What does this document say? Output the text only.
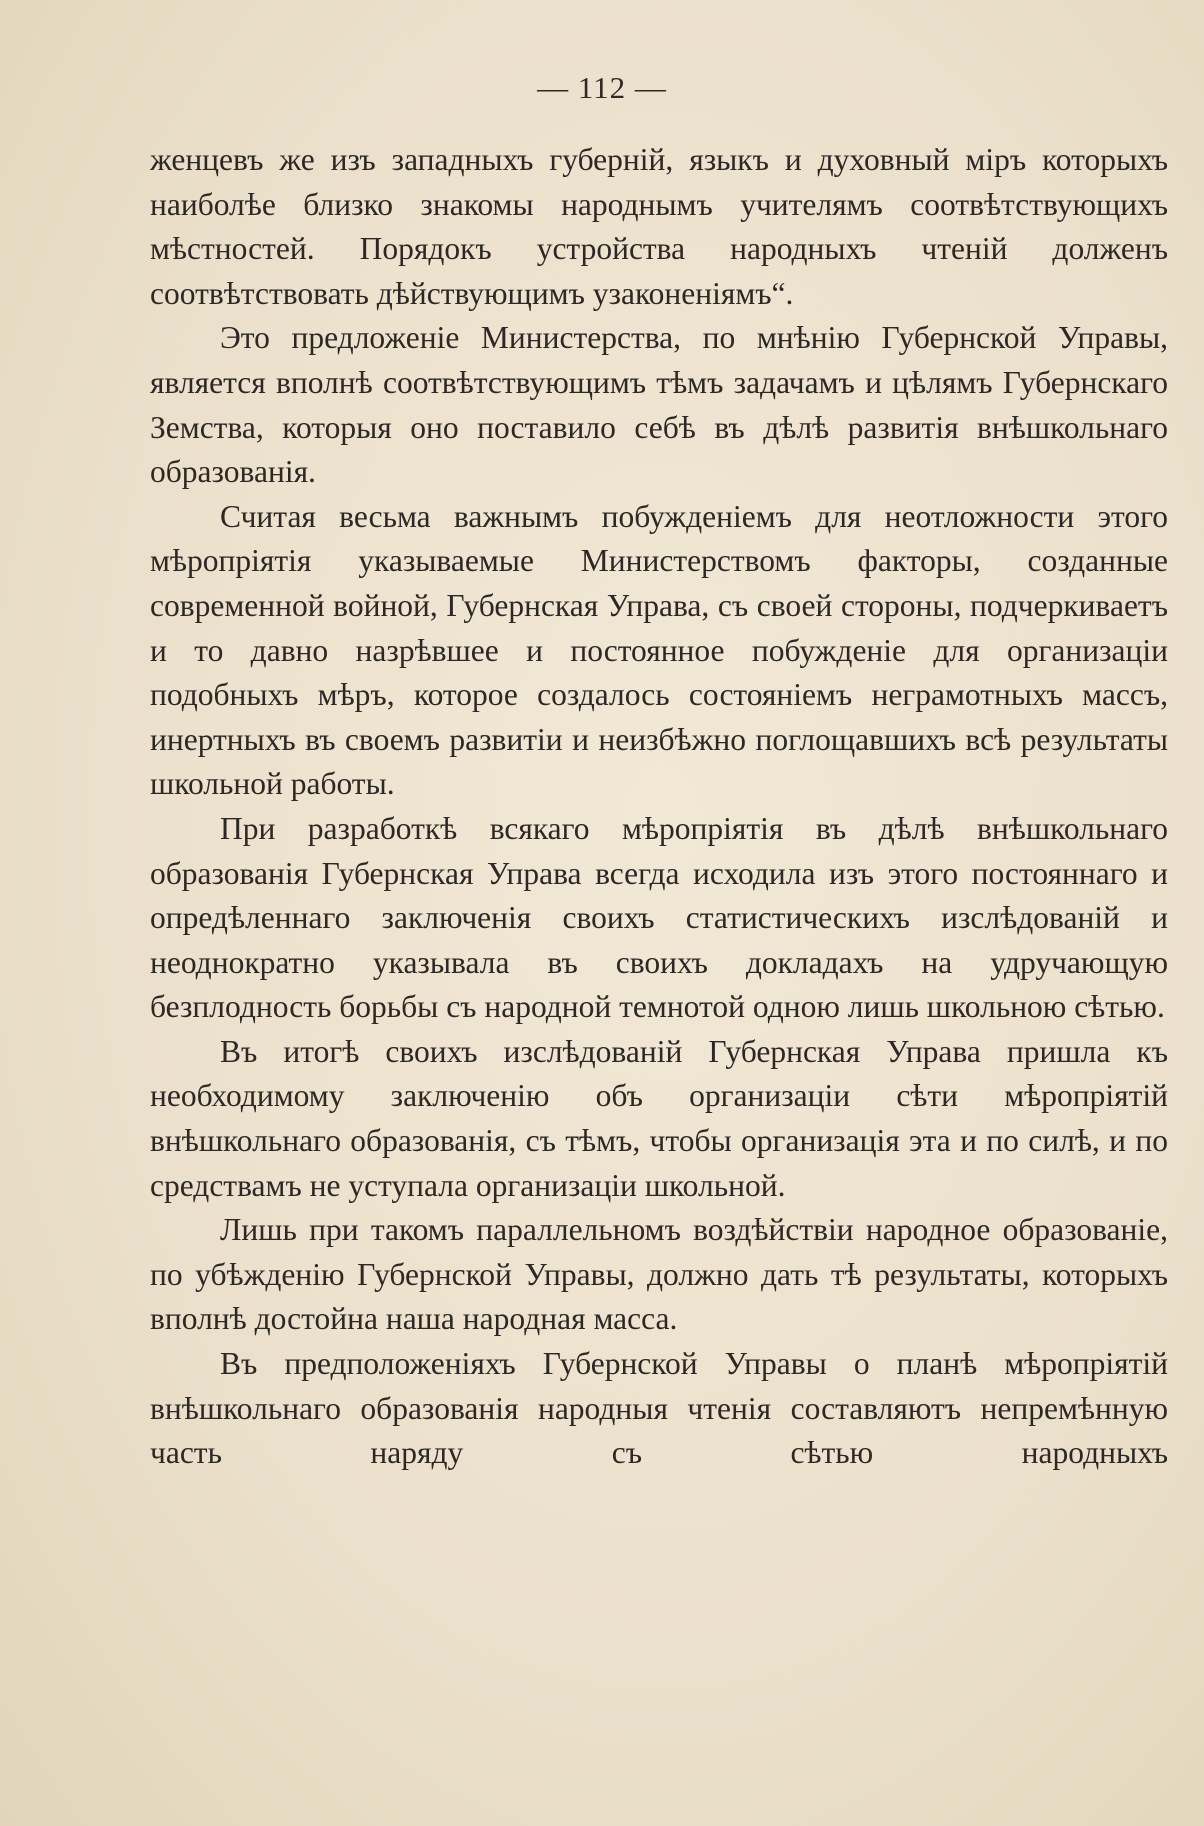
— 112 —

женцевъ же изъ западныхъ губерній, языкъ и духовный міръ которыхъ наиболѣе близко знакомы народнымъ учителямъ соотвѣтствующихъ мѣстностей. Порядокъ устройства народныхъ чтеній долженъ соотвѣтствовать дѣйствующимъ узаконеніямъ“.

Это предложеніе Министерства, по мнѣнію Губернской Управы, является вполнѣ соотвѣтствующимъ тѣмъ задачамъ и цѣлямъ Губернскаго Земства, которыя оно поставило себѣ въ дѣлѣ развитія внѣшкольнаго образованія.

Считая весьма важнымъ побужденіемъ для неотложности этого мѣропріятія указываемые Министерствомъ факторы, созданные современной войной, Губернская Управа, съ своей стороны, подчеркиваетъ и то давно назрѣвшее и постоянное побужденіе для организаціи подобныхъ мѣръ, которое создалось состояніемъ неграмотныхъ массъ, инертныхъ въ своемъ развитіи и неизбѣжно поглощавшихъ всѣ результаты школьной работы.

При разработкѣ всякаго мѣропріятія въ дѣлѣ внѣшкольнаго образованія Губернская Управа всегда исходила изъ этого постояннаго и опредѣленнаго заключенія своихъ статистическихъ изслѣдованій и неоднократно указывала въ своихъ докладахъ на удручающую безплодность борьбы съ народной темнотой одною лишь школьною сѣтью.

Въ итогѣ своихъ изслѣдованій Губернская Управа пришла къ необходимому заключенію объ организаціи сѣти мѣропріятій внѣшкольнаго образованія, съ тѣмъ, чтобы организація эта и по силѣ, и по средствамъ не уступала организаціи школьной.

Лишь при такомъ параллельномъ воздѣйствіи народное образованіе, по убѣжденію Губернской Управы, должно дать тѣ результаты, которыхъ вполнѣ достойна наша народная масса.

Въ предположеніяхъ Губернской Управы о планѣ мѣропріятій внѣшкольнаго образованія народныя чтенія составляютъ непремѣнную часть наряду съ сѣтью народныхъ
